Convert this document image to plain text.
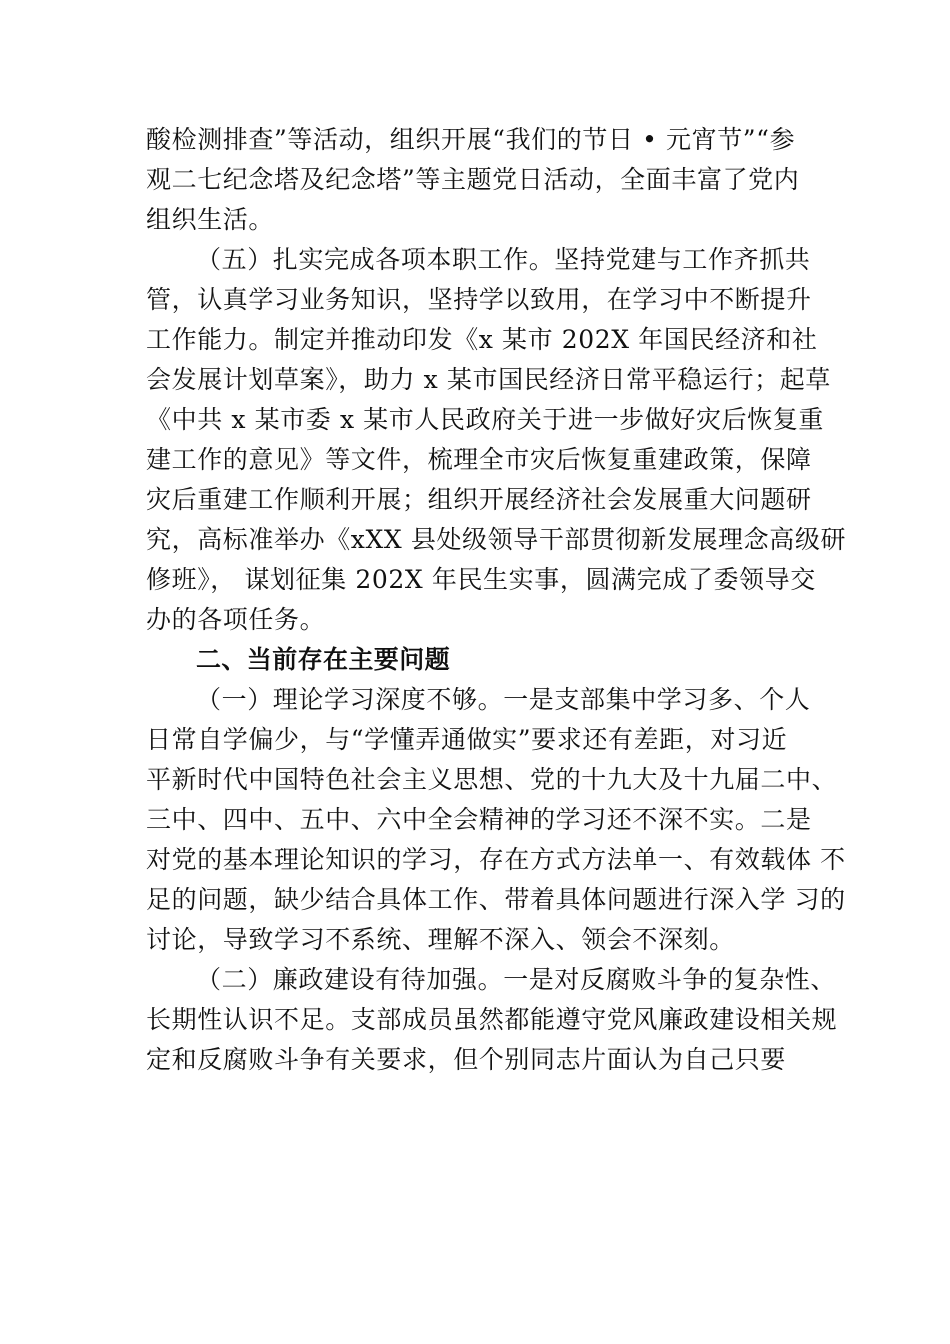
酸检测排查”等活动，组织开展“我们的节日 • 元宵节”“参
观二七纪念塔及纪念塔”等主题党日活动，全面丰富了党内
组织生活。
（五）扎实完成各项本职工作。坚持党建与工作齐抓共
管，认真学习业务知识，坚持学以致用，在学习中不断提升
工作能力。制定并推动印发《x 某市 202X 年国民经济和社
会发展计划草案》，助力 x 某市国民经济日常平稳运行；起草
《中共 x 某市委 x 某市人民政府关于进一步做好灾后恢复重
建工作的意见》等文件，梳理全市灾后恢复重建政策，保障
灾后重建工作顺利开展；组织开展经济社会发展重大问题研
究，高标准举办《xXX 县处级领导干部贯彻新发展理念高级研
修班》， 谋划征集 202X 年民生实事，圆满完成了委领导交
办的各项任务。
二、当前存在主要问题
（一）理论学习深度不够。一是支部集中学习多、个人
日常自学偏少，与“学懂弄通做实”要求还有差距，对习近
平新时代中国特色社会主义思想、党的十九大及十九届二中、
三中、四中、五中、六中全会精神的学习还不深不实。二是
对党的基本理论知识的学习，存在方式方法单一、有效载体 不
足的问题，缺少结合具体工作、带着具体问题进行深入学 习的
讨论，导致学习不系统、理解不深入、领会不深刻。
（二）廉政建设有待加强。一是对反腐败斗争的复杂性、
长期性认识不足。支部成员虽然都能遵守党风廉政建设相关规
定和反腐败斗争有关要求，但个别同志片面认为自己只要
